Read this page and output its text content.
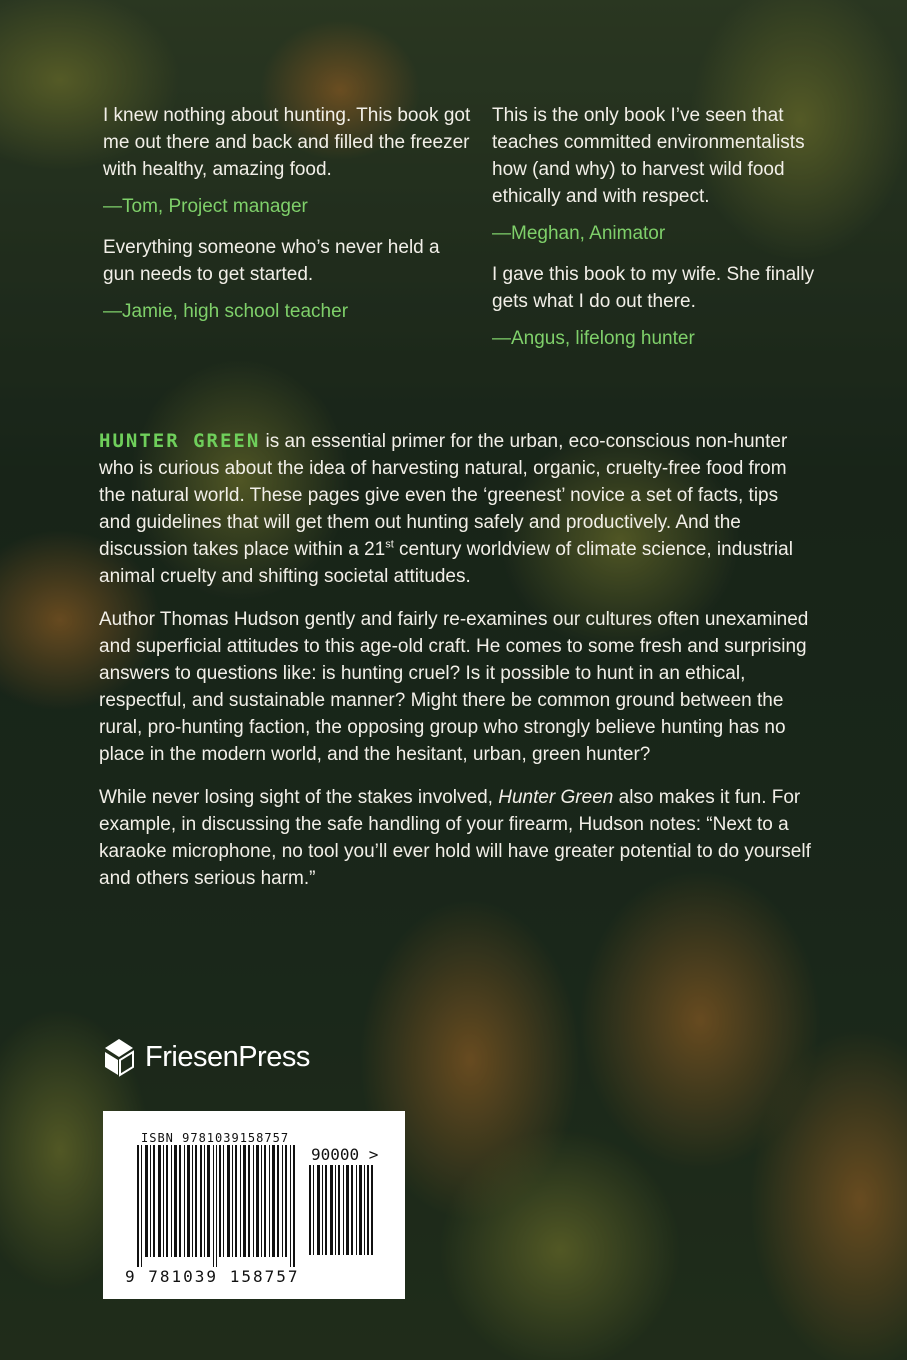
I knew nothing about hunting. This book got me out there and back and filled the freezer with healthy, amazing food.

—Tom, Project manager

Everything someone who’s never held a gun needs to get started.

—Jamie, high school teacher

This is the only book I’ve seen that teaches committed environmentalists how (and why) to harvest wild food ethically and with respect.

—Meghan, Animator

I gave this book to my wife. She finally gets what I do out there.

—Angus, lifelong hunter

HUNTER GREEN is an essential primer for the urban, eco-conscious non-hunter who is curious about the idea of harvesting natural, organic, cruelty-free food from the natural world. These pages give even the ‘greenest’ novice a set of facts, tips and guidelines that will get them out hunting safely and productively. And the discussion takes place within a 21st century worldview of climate science, industrial animal cruelty and shifting societal attitudes.

Author Thomas Hudson gently and fairly re-examines our cultures often unexamined and superficial attitudes to this age-old craft. He comes to some fresh and surprising answers to questions like: is hunting cruel? Is it possible to hunt in an ethical, respectful, and sustainable manner? Might there be common ground between the rural, pro-hunting faction, the opposing group who strongly believe hunting has no place in the modern world, and the hesitant, urban, green hunter?

While never losing sight of the stakes involved, Hunter Green also makes it fun. For example, in discussing the safe handling of your firearm, Hudson notes: “Next to a karaoke microphone, no tool you’ll ever hold will have greater potential to do yourself and others serious harm.”

FriesenPress
ISBN 9781039158757
90000 >
9 781039 158757
